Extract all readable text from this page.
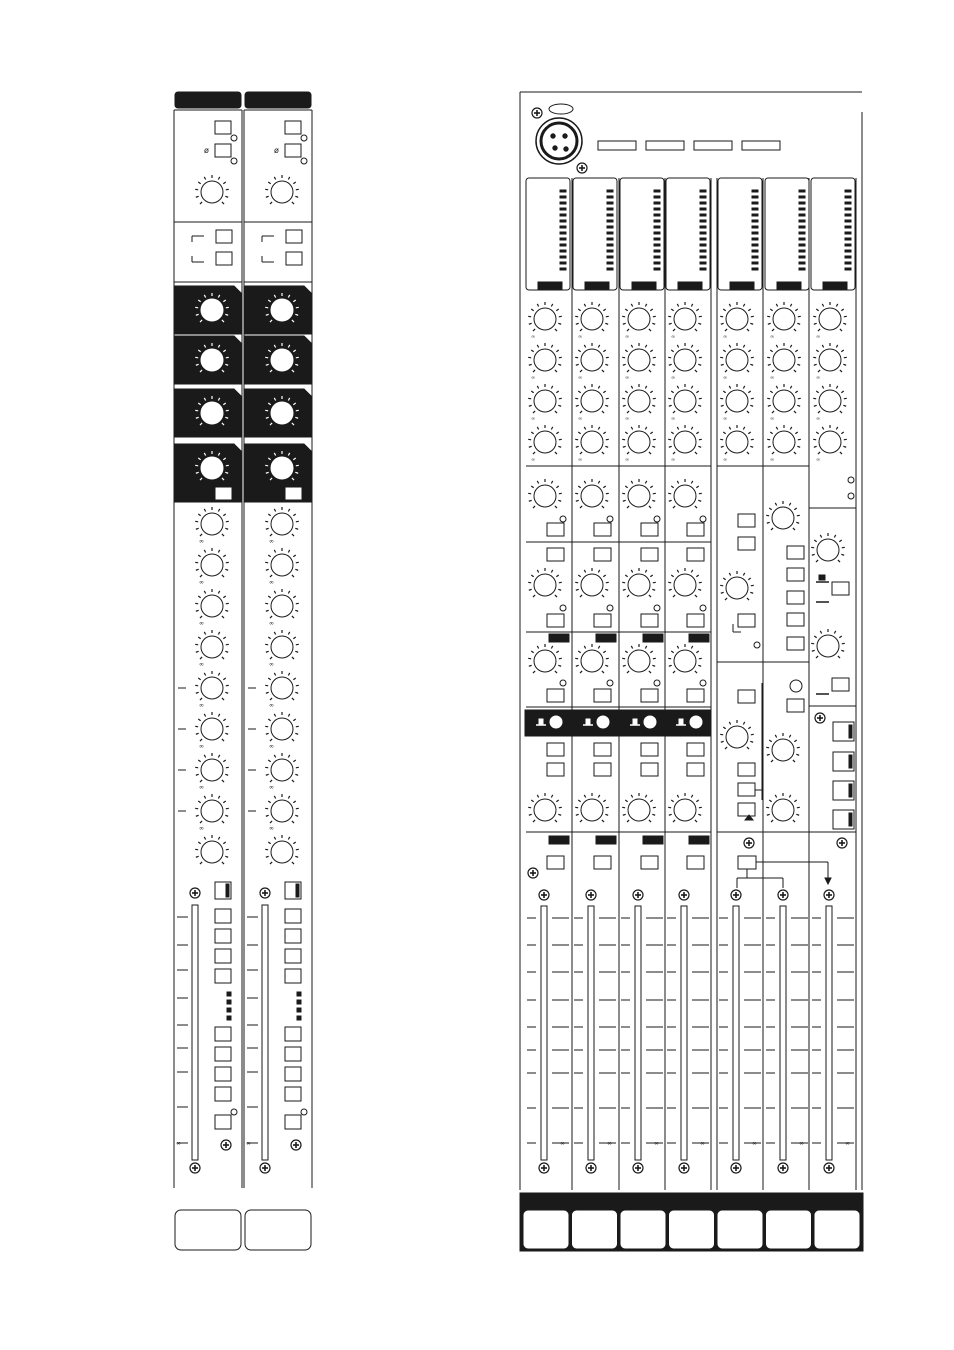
ø
∞
∞
∞
∞
∞
∞
∞
∞
∞
ø
∞
∞
∞
∞
∞
∞
∞
∞
∞
∞
∞
∞
∞
∞
∞
∞
∞
∞
∞
∞
∞
∞
∞
∞
∞
∞
∞
∞
∞
∞
∞
∞
∞
∞
∞
∞
∞
∞	∞	∞	∞	∞	∞	∞
